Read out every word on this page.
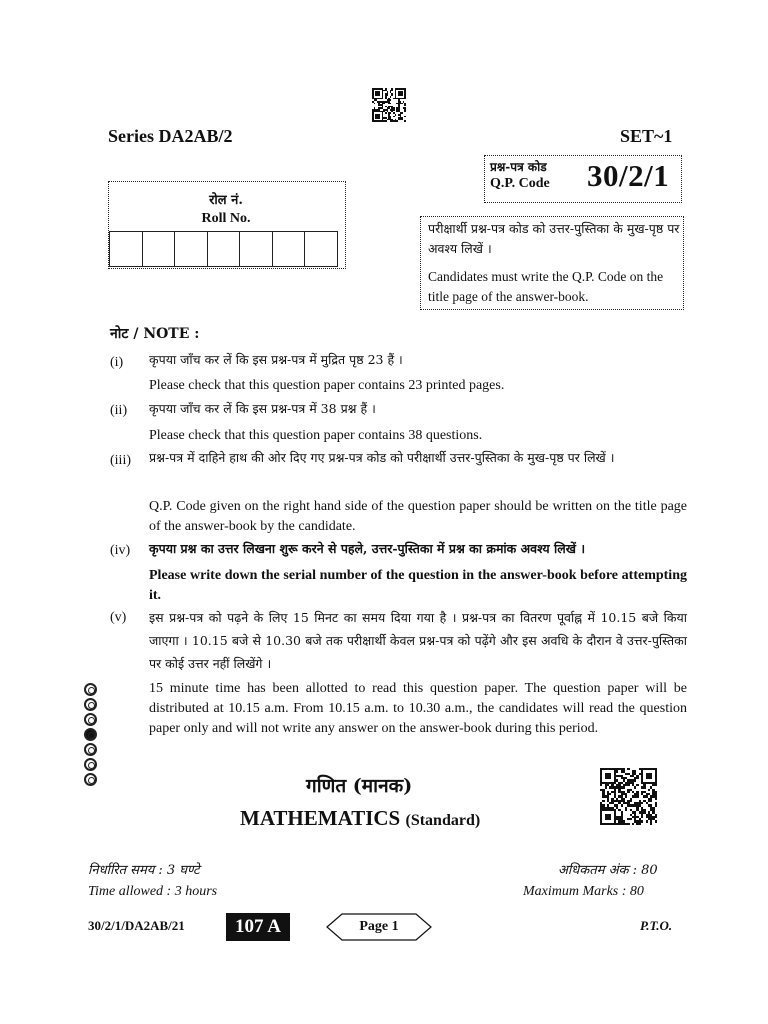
Series DA2AB/2	SET~1
प्रश्न-पत्र कोड
Q.P. Code 30/2/1
रोल नं.
Roll No.
परीक्षार्थी प्रश्न-पत्र कोड को उत्तर-पुस्तिका के मुख-पृष्ठ पर अवश्य लिखें ।
Candidates must write the Q.P. Code on the title page of the answer-book.
नोट / NOTE :
(i) कृपया जाँच कर लें कि इस प्रश्न-पत्र में मुद्रित पृष्ठ 23 हैं ।
Please check that this question paper contains 23 printed pages.
(ii) कृपया जाँच कर लें कि इस प्रश्न-पत्र में 38 प्रश्न हैं ।
Please check that this question paper contains 38 questions.
(iii) प्रश्न-पत्र में दाहिने हाथ की ओर दिए गए प्रश्न-पत्र कोड को परीक्षार्थी उत्तर-पुस्तिका के मुख-पृष्ठ पर लिखें ।
Q.P. Code given on the right hand side of the question paper should be written on the title page of the answer-book by the candidate.
(iv) कृपया प्रश्न का उत्तर लिखना शुरू करने से पहले, उत्तर-पुस्तिका में प्रश्न का क्रमांक अवश्य लिखें ।
Please write down the serial number of the question in the answer-book before attempting it.
(v) इस प्रश्न-पत्र को पढ़ने के लिए 15 मिनट का समय दिया गया है । प्रश्न-पत्र का वितरण पूर्वाह्न में 10.15 बजे किया जाएगा । 10.15 बजे से 10.30 बजे तक परीक्षार्थी केवल प्रश्न-पत्र को पढ़ेंगे और इस अवधि के दौरान वे उत्तर-पुस्तिका पर कोई उत्तर नहीं लिखेंगे ।
15 minute time has been allotted to read this question paper. The question paper will be distributed at 10.15 a.m. From 10.15 a.m. to 10.30 a.m., the candidates will read the question paper only and will not write any answer on the answer-book during this period.
गणित (मानक)
MATHEMATICS (Standard)
निर्धारित समय : 3 घण्टे
Time allowed : 3 hours
अधिकतम अंक : 80
Maximum Marks : 80
30/2/1/DA2AB/21	107 A	Page 1	P.T.O.
